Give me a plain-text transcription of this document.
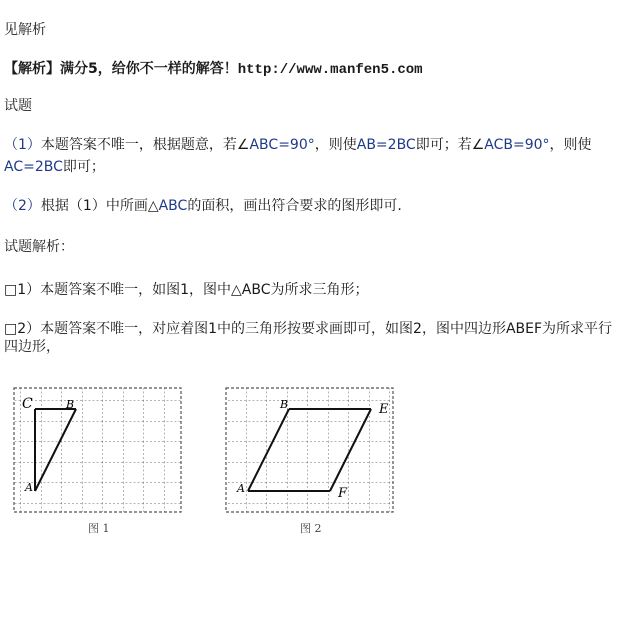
见解析
【解析】满分5，给你不一样的解答！http://www.manfen5.com
试题
（1）本题答案不唯一，根据题意，若∠ABC=90°，则使AB=2BC即可；若∠ACB=90°，则使AC=2BC即可；
（2）根据（1）中所画△ABC的面积，画出符合要求的图形即可.
试题解析：
□1）本题答案不唯一，如图1，图中△ABC为所求三角形；
□2）本题答案不唯一，对应着图1中的三角形按要求画即可，如图2，图中四边形ABEF为所求平行四边形，
C	B
A
图 1
B	E
A	F
图 2
